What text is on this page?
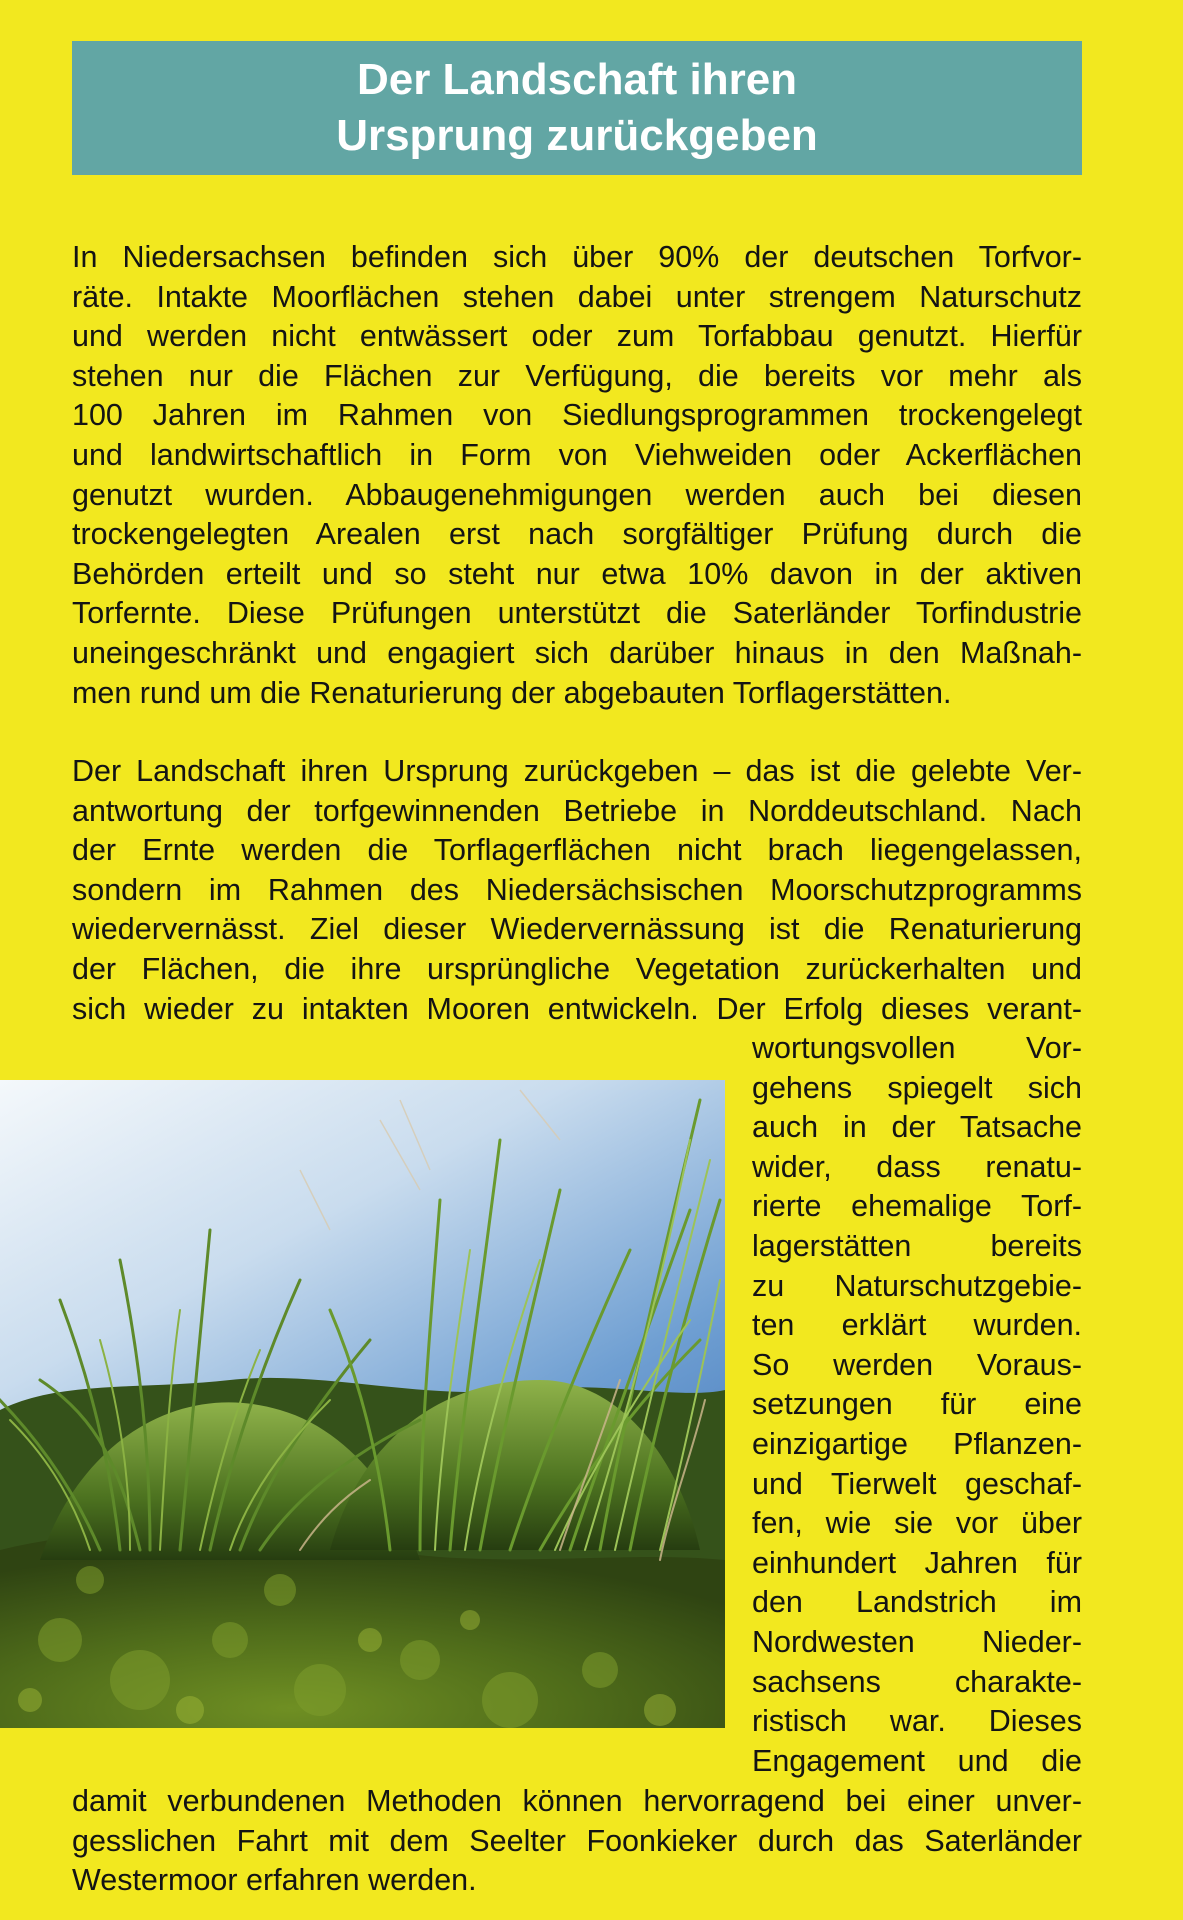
Der Landschaft ihren
Ursprung zurückgeben
In Niedersachsen befinden sich über 90% der deutschen Torfvor-
räte. Intakte Moorflächen stehen dabei unter strengem Naturschutz
und werden nicht entwässert oder zum Torfabbau genutzt. Hierfür
stehen nur die Flächen zur Verfügung, die bereits vor mehr als
100 Jahren im Rahmen von Siedlungsprogrammen trockengelegt
und landwirtschaftlich in Form von Viehweiden oder Ackerflächen
genutzt wurden. Abbaugenehmigungen werden auch bei diesen
trockengelegten Arealen erst nach sorgfältiger Prüfung durch die
Behörden erteilt und so steht nur etwa 10% davon in der aktiven
Torfernte. Diese Prüfungen unterstützt die Saterländer Torfindustrie
uneingeschränkt und engagiert sich darüber hinaus in den Maßnah-
men rund um die Renaturierung der abgebauten Torflagerstätten.
Der Landschaft ihren Ursprung zurückgeben – das ist die gelebte Ver-
antwortung der torfgewinnenden Betriebe in Norddeutschland. Nach
der Ernte werden die Torflagerflächen nicht brach liegengelassen,
sondern im Rahmen des Niedersächsischen Moorschutzprogramms
wiedervernässt. Ziel dieser Wiedervernässung ist die Renaturierung
der Flächen, die ihre ursprüngliche Vegetation zurückerhalten und
sich wieder zu intakten Mooren entwickeln. Der Erfolg dieses verant-
wortungsvollen Vor-
gehens spiegelt sich
auch in der Tatsache
wider, dass renatu-
rierte ehemalige Torf-
lagerstätten bereits
zu Naturschutzgebie-
ten erklärt wurden.
So werden Voraus-
setzungen für eine
einzigartige Pflanzen-
und Tierwelt geschaf-
fen, wie sie vor über
einhundert Jahren für
den Landstrich im
Nordwesten Nieder-
sachsens charakte-
ristisch war. Dieses
Engagement und die
damit verbundenen Methoden können hervorragend bei einer unver-
gesslichen Fahrt mit dem Seelter Foonkieker durch das Saterländer
Westermoor erfahren werden.
